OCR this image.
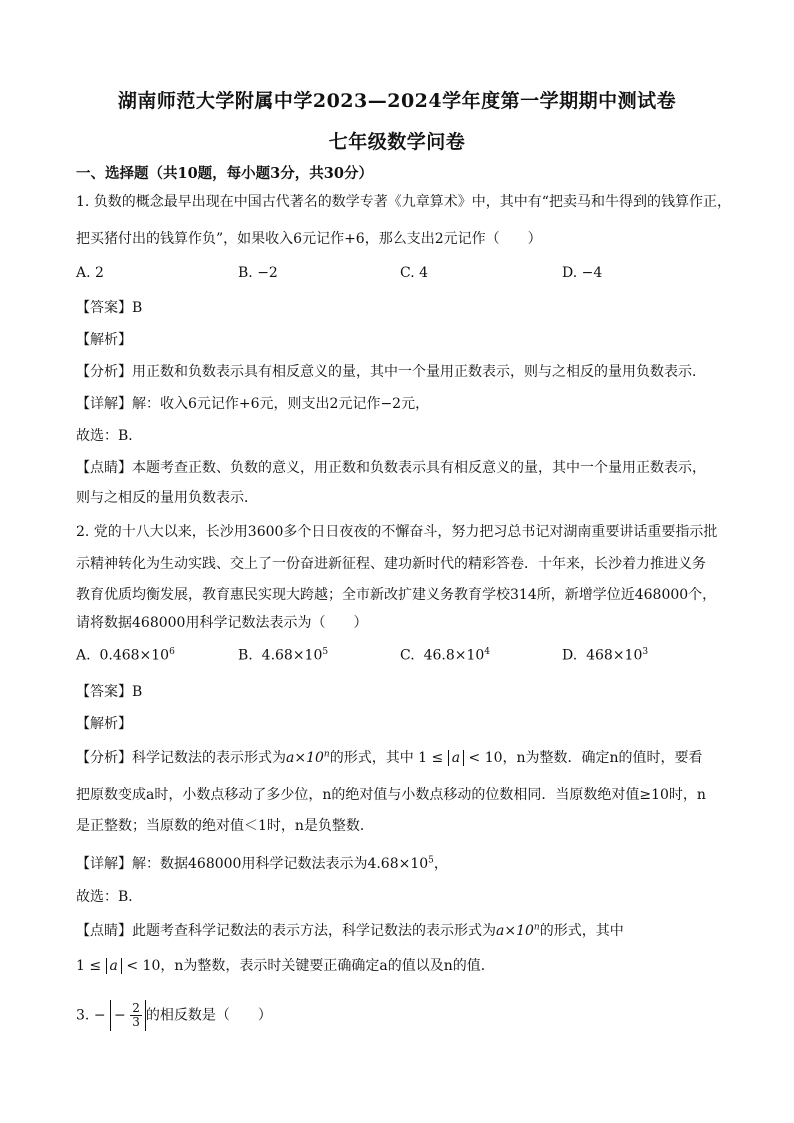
湖南师范大学附属中学2023—2024学年度第一学期期中测试卷
七年级数学问卷
一、选择题（共10题，每小题3分，共30分）
1. 负数的概念最早出现在中国古代著名的数学专著《九章算术》中，其中有“把卖马和牛得到的钱算作正，
把买猪付出的钱算作负”，如果收入6元记作+6，那么支出2元记作（　　）
A. 2	B. −2	C. 4	D. −4
【答案】B
【解析】
【分析】用正数和负数表示具有相反意义的量，其中一个量用正数表示，则与之相反的量用负数表示．
【详解】解：收入6元记作+6元，则支出2元记作−2元，
故选：B．
【点睛】本题考查正数、负数的意义，用正数和负数表示具有相反意义的量，其中一个量用正数表示，
则与之相反的量用负数表示．
2. 党的十八大以来，长沙用3600多个日日夜夜的不懈奋斗，努力把习总书记对湖南重要讲话重要指示批
示精神转化为生动实践、交上了一份奋进新征程、建功新时代的精彩答卷．十年来，长沙着力推进义务
教育优质均衡发展，教育惠民实现大跨越；全市新改扩建义务教育学校314所，新增学位近468000个，
请将数据468000用科学记数法表示为（　　）
A. $0.468\times 10^6$	B. $4.68\times 10^5$	C. $46.8\times 10^4$	D. $468\times 10^3$
【答案】B
【解析】
【分析】科学记数法的表示形式为$a\times 10^n$的形式，其中 1 ≤ a < 10，n为整数．确定n的值时，要看
把原数变成a时，小数点移动了多少位，n的绝对值与小数点移动的位数相同．当原数绝对值≥10时，n
是正整数；当原数的绝对值＜1时，n是负整数．
【详解】解：数据468000用科学记数法表示为$4.68\times 10^5$，
故选：B．
【点睛】此题考查科学记数法的表示方法，科学记数法的表示形式为$a\times 10^n$的形式，其中
1 ≤ a < 10，n为整数，表示时关键要正确确定a的值以及n的值．
3. − − $\frac{2}{3}$ 的相反数是（　　）
